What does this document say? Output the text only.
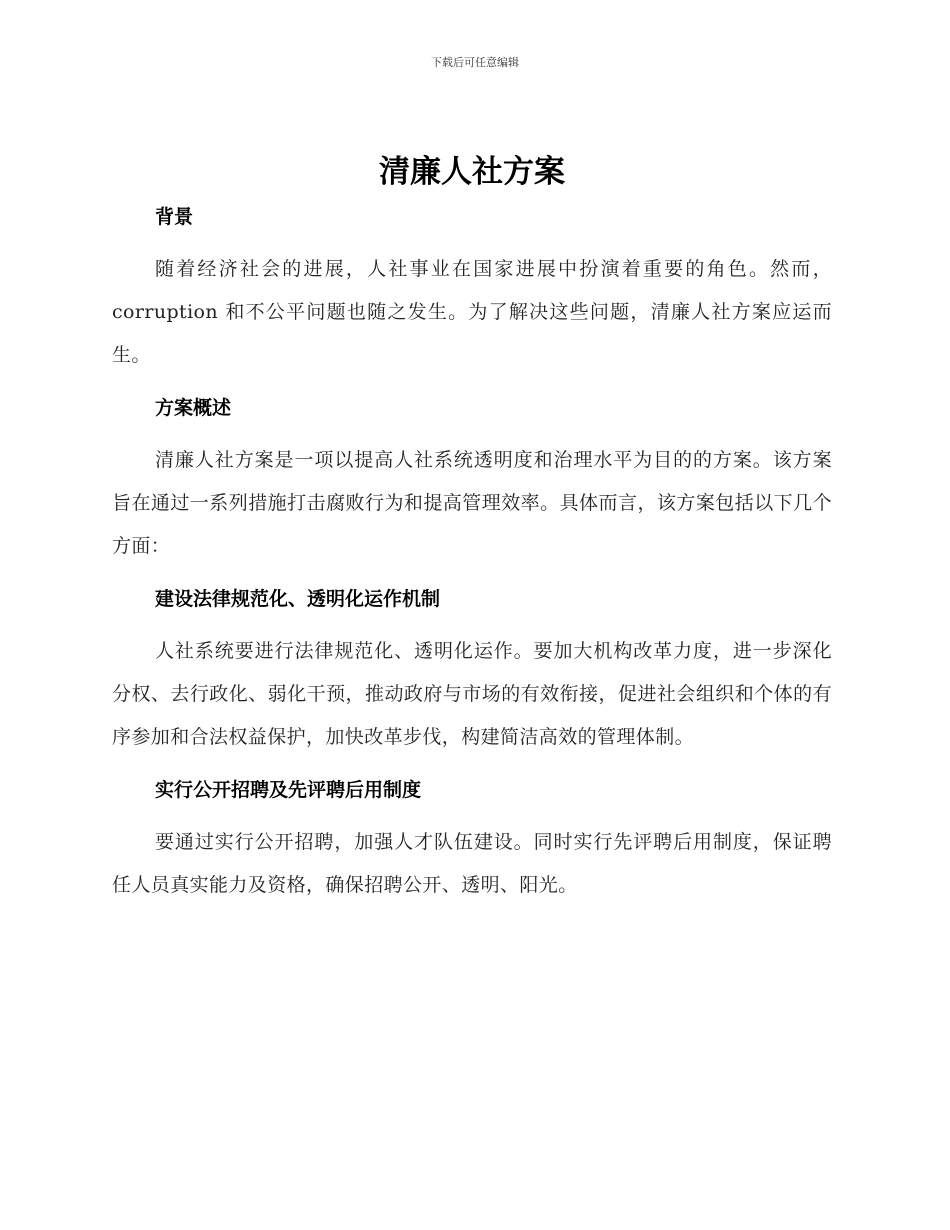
下载后可任意编辑
清廉人社方案
背景

随着经济社会的进展，人社事业在国家进展中扮演着重要的角色。然而， corruption 和不公平问题也随之发生。为了解决这些问题，清廉人社方案应运而生。

方案概述

清廉人社方案是一项以提高人社系统透明度和治理水平为目的的方案。该方案旨在通过一系列措施打击腐败行为和提高管理效率。具体而言，该方案包括以下几个方面：

建设法律规范化、透明化运作机制

人社系统要进行法律规范化、透明化运作。要加大机构改革力度，进一步深化分权、去行政化、弱化干预，推动政府与市场的有效衔接，促进社会组织和个体的有序参加和合法权益保护，加快改革步伐，构建简洁高效的管理体制。

实行公开招聘及先评聘后用制度

要通过实行公开招聘，加强人才队伍建设。同时实行先评聘后用制度，保证聘任人员真实能力及资格，确保招聘公开、透明、阳光。
